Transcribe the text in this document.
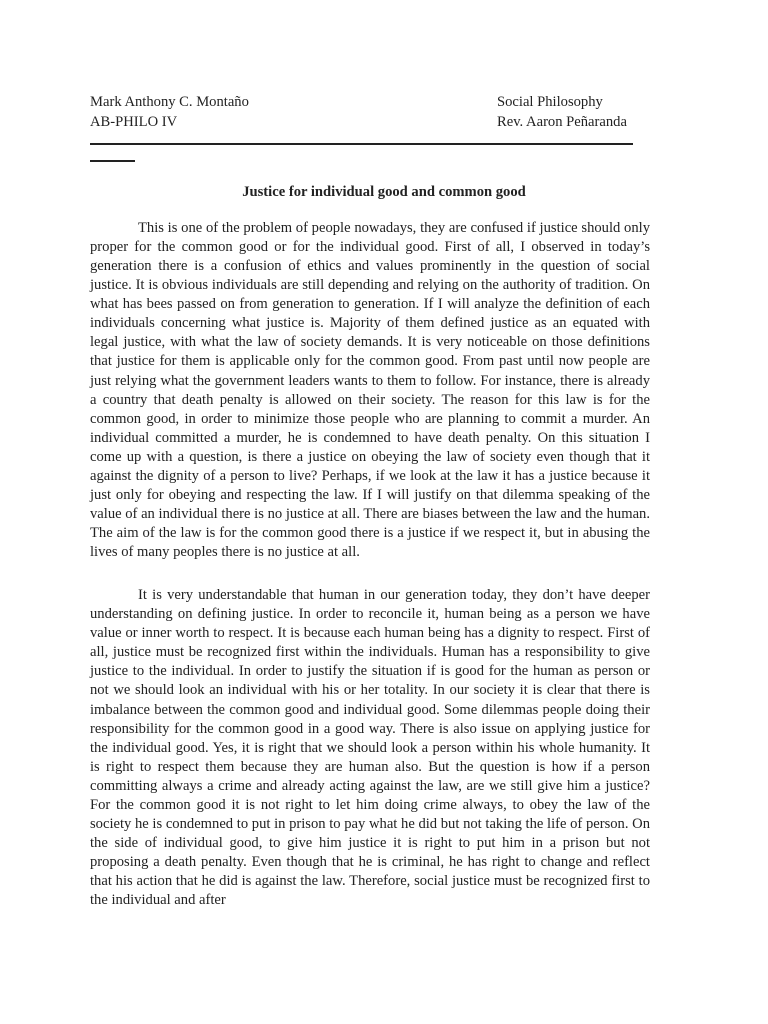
Mark Anthony C. Montaño
AB-PHILO IV
Social Philosophy
Rev. Aaron Peñaranda
Justice for individual good and common good

This is one of the problem of people nowadays, they are confused if justice should only proper for the common good or for the individual good. First of all, I observed in today’s generation there is a confusion of ethics and values prominently in the question of social justice. It is obvious individuals are still depending and relying on the authority of tradition. On what has bees passed on from generation to generation. If I will analyze the definition of each individuals concerning what justice is. Majority of them defined justice as an equated with legal justice, with what the law of society demands. It is very noticeable on those definitions that justice for them is applicable only for the common good. From past until now people are just relying what the government leaders wants to them to follow. For instance, there is already a country that death penalty is allowed on their society. The reason for this law is for the common good, in order to minimize those people who are planning to commit a murder. An individual committed a murder, he is condemned to have death penalty. On this situation I come up with a question, is there a justice on obeying the law of society even though that it against the dignity of a person to live? Perhaps, if we look at the law it has a justice because it just only for obeying and respecting the law. If I will justify on that dilemma speaking of the value of an individual there is no justice at all. There are biases between the law and the human. The aim of the law is for the common good there is a justice if we respect it, but in abusing the lives of many peoples there is no justice at all.

It is very understandable that human in our generation today, they don’t have deeper understanding on defining justice. In order to reconcile it, human being as a person we have value or inner worth to respect. It is because each human being has a dignity to respect. First of all, justice must be recognized first within the individuals. Human has a responsibility to give justice to the individual. In order to justify the situation if is good for the human as person or not we should look an individual with his or her totality. In our society it is clear that there is imbalance between the common good and individual good. Some dilemmas people doing their responsibility for the common good in a good way. There is also issue on applying justice for the individual good. Yes, it is right that we should look a person within his whole humanity. It is right to respect them because they are human also. But the question is how if a person committing always a crime and already acting against the law, are we still give him a justice? For the common good it is not right to let him doing crime always, to obey the law of the society he is condemned to put in prison to pay what he did but not taking the life of person. On the side of individual good, to give him justice it is right to put him in a prison but not proposing a death penalty. Even though that he is criminal, he has right to change and reflect that his action that he did is against the law. Therefore, social justice must be recognized first to the individual and after
